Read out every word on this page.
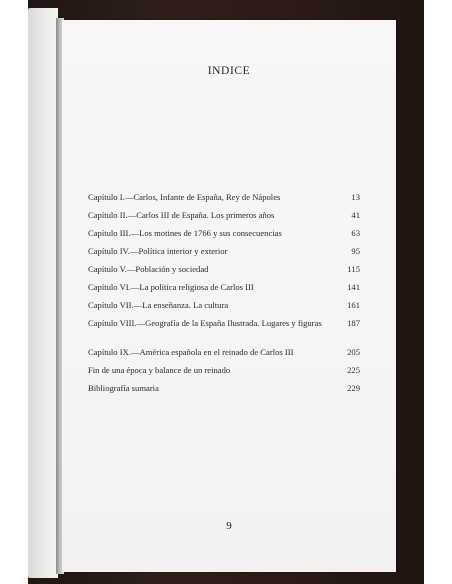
INDICE
Capítulo I.—Carlos, Infante de España, Rey de Nápoles	13
Capítulo II.—Carlos III de España. Los primeros años	41
Capítulo III.—Los motines de 1766 y sus consecuencias	63
Capítulo IV.—Política interior y exterior	95
Capítulo V.—Población y sociedad	115
Capítulo VI.—La política religiosa de Carlos III	141
Capítulo VII.—La enseñanza. La cultura	161
Capítulo VIII.—Geografía de la España Ilustrada. Lugares y figuras	187
Capítulo IX.—América española en el reinado de Carlos III	205
Fin de una época y balance de un reinado	225
Bibliografía sumaria	229
9
